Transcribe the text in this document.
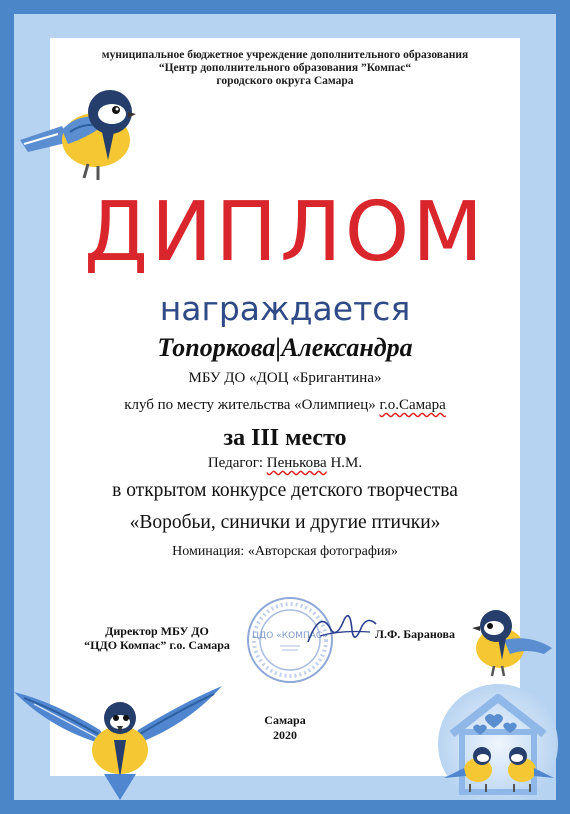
муниципальное бюджетное учреждение дополнительного образования
“Центр дополнительного образования ”Компас“
городского округа Самара
ДИПЛОМ
награждается
Топоркова|Александра
МБУ ДО «ДОЦ «Бригантина»
клуб по месту жительства «Олимпиец» г.о.Самара
за III место
Педагог: Пенькова Н.М.
в открытом конкурсе детского творчества
«Воробьи, синички и другие птички»
Номинация: «Авторская фотография»
Директор МБУ ДО
“ЦДО Компас” г.о. Самара
ЦДО «КОМПАС»	Л.Ф. Баранова
Самара
2020
